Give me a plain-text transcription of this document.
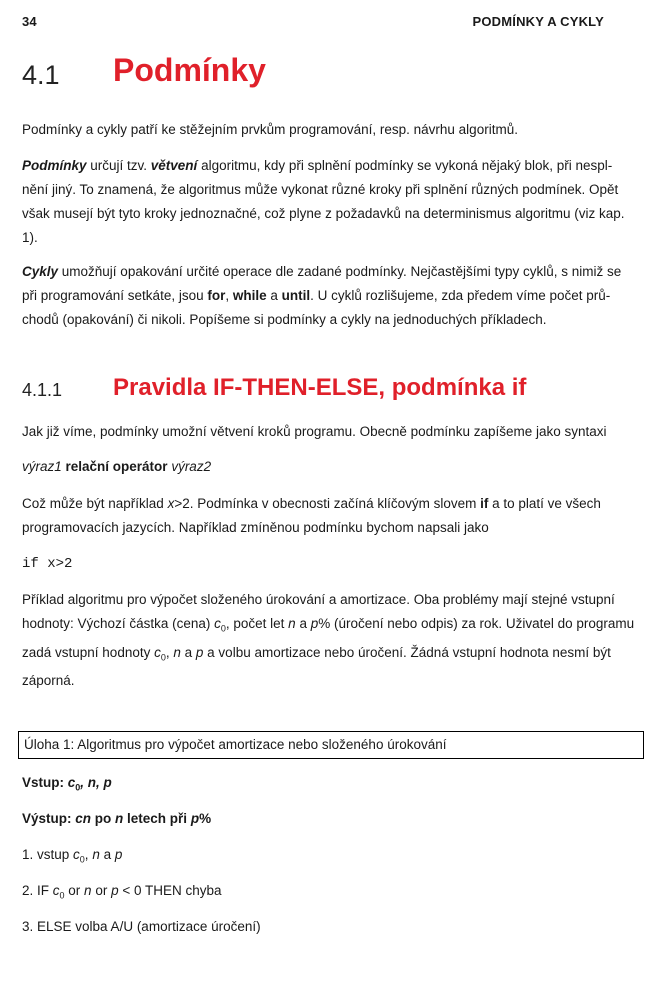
34	PODMÍNKY A CYKLY
4.1 Podmínky

Podmínky a cykly patří ke stěžejním prvkům programování, resp. návrhu algoritmů.

Podmínky určují tzv. větvení algoritmu, kdy při splnění podmínky se vykoná nějaký blok, při nespl-
nění jiný. To znamená, že algoritmus může vykonat různé kroky při splnění různých podmínek. Opět
však musejí být tyto kroky jednoznačné, což plyne z požadavků na determinismus algoritmu (viz kap.
1).
Cykly umožňují opakování určité operace dle zadané podmínky. Nejčastějšími typy cyklů, s nimiž se
při programování setkáte, jsou for, while a until. U cyklů rozlišujeme, zda předem víme počet prů-
chodů (opakování) či nikoli. Popíšeme si podmínky a cykly na jednoduchých příkladech.
4.1.1 Pravidla IF-THEN-ELSE, podmínka if

Jak již víme, podmínky umožní větvení kroků programu. Obecně podmínku zapíšeme jako syntaxi

výraz1 relační operátor výraz2
Což může být například x>2. Podmínka v obecnosti začíná klíčovým slovem if a to platí ve všech
programovacích jazycích. Například zmíněnou podmínku bychom napsali jako
if x>2
Příklad algoritmu pro výpočet složeného úrokování a amortizace. Oba problémy mají stejné vstupní
hodnoty: Výchozí částka (cena) $c_0$, počet let n a p% (úročení nebo odpis) za rok. Uživatel do programu
zadá vstupní hodnoty $c_0$, n a p a volbu amortizace nebo úročení. Žádná vstupní hodnota nesmí být
záporná.
Úloha 1: Algoritmus pro výpočet amortizace nebo složeného úrokování
Vstup: $c_0$, n, p
Výstup: cn po n letech při p%
1. vstup $c_0$, n a p
2. IF $c_0$ or n or p < 0 THEN chyba
3. ELSE volba A/U (amortizace úročení)
